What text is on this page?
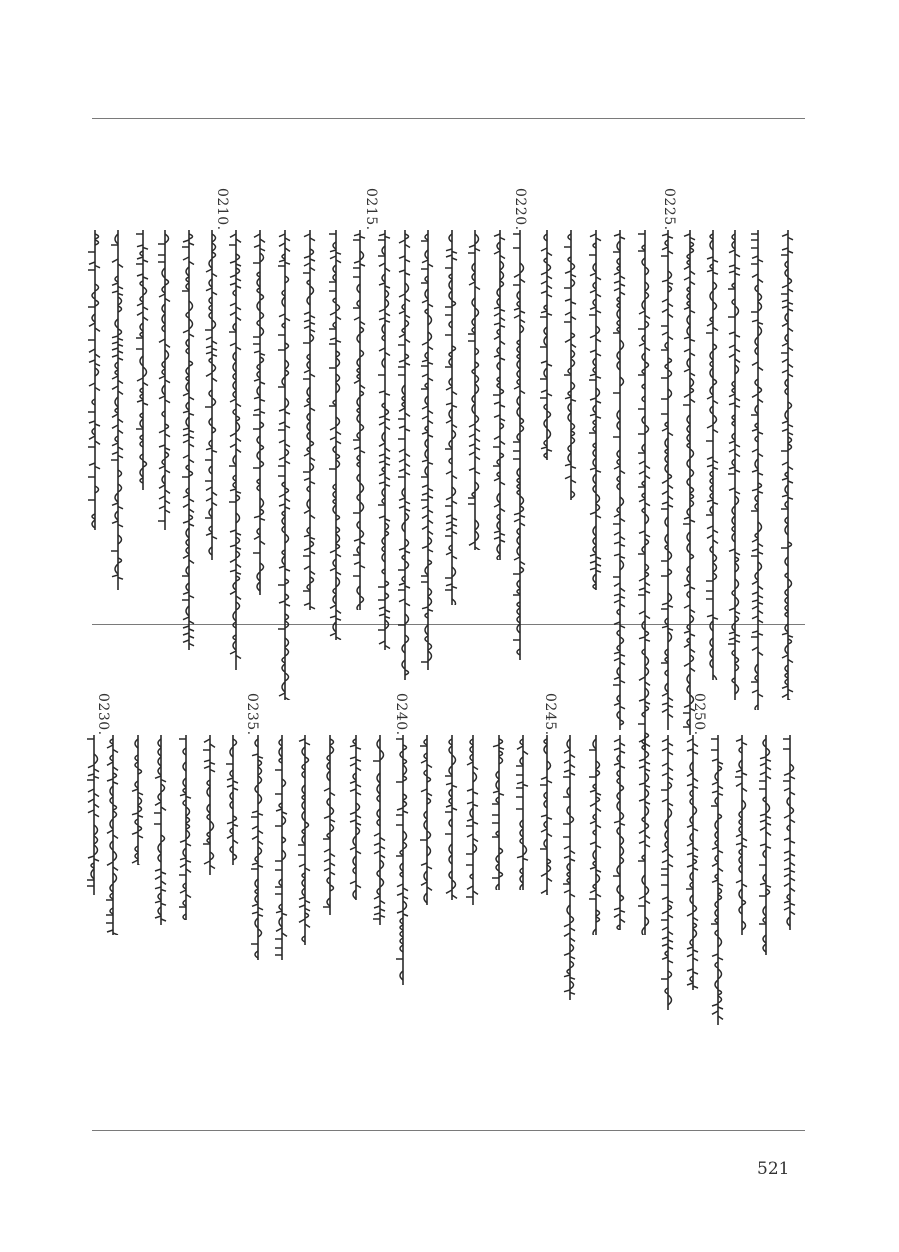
0225.
0220.
0215.
0210.
0250.
0245.
0240.
0235.
0230.
521
